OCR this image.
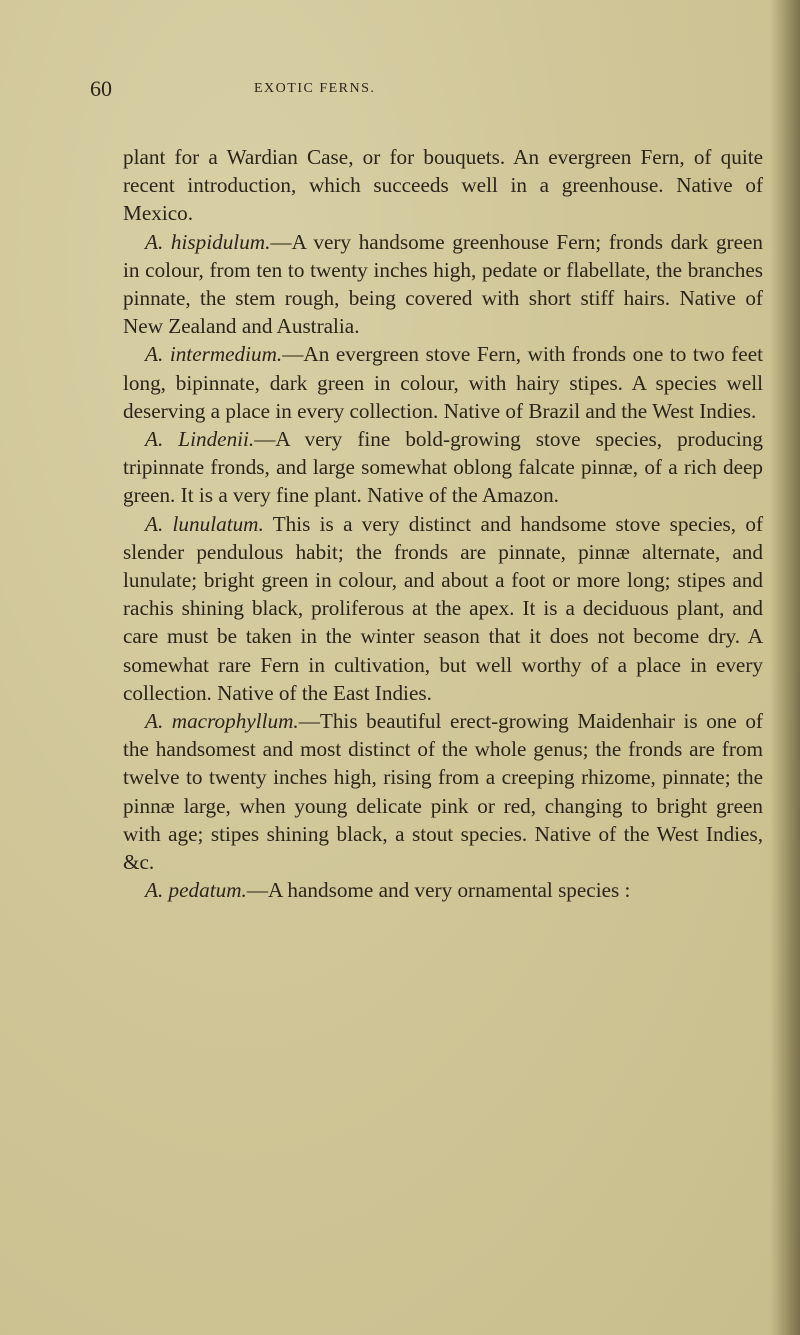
60	EXOTIC FERNS.

plant for a Wardian Case, or for bouquets. An evergreen Fern, of quite recent introduction, which succeeds well in a greenhouse. Native of Mexico.

A. hispidulum.—A very handsome greenhouse Fern; fronds dark green in colour, from ten to twenty inches high, pedate or flabellate, the branches pinnate, the stem rough, being covered with short stiff hairs. Native of New Zealand and Australia.

A. intermedium.—An evergreen stove Fern, with fronds one to two feet long, bipinnate, dark green in colour, with hairy stipes. A species well deserving a place in every collection. Native of Brazil and the West Indies.

A. Lindenii.—A very fine bold-growing stove species, producing tripinnate fronds, and large somewhat oblong falcate pinnæ, of a rich deep green. It is a very fine plant. Native of the Amazon.

A. lunulatum. This is a very distinct and handsome stove species, of slender pendulous habit; the fronds are pinnate, pinnæ alternate, and lunulate; bright green in colour, and about a foot or more long; stipes and rachis shining black, proliferous at the apex. It is a deciduous plant, and care must be taken in the winter season that it does not become dry. A somewhat rare Fern in cultivation, but well worthy of a place in every collection. Native of the East Indies.

A. macrophyllum.—This beautiful erect-growing Maidenhair is one of the handsomest and most distinct of the whole genus; the fronds are from twelve to twenty inches high, rising from a creeping rhizome, pinnate; the pinnæ large, when young delicate pink or red, changing to bright green with age; stipes shining black, a stout species. Native of the West Indies, &c.

A. pedatum.—A handsome and very ornamental species :
